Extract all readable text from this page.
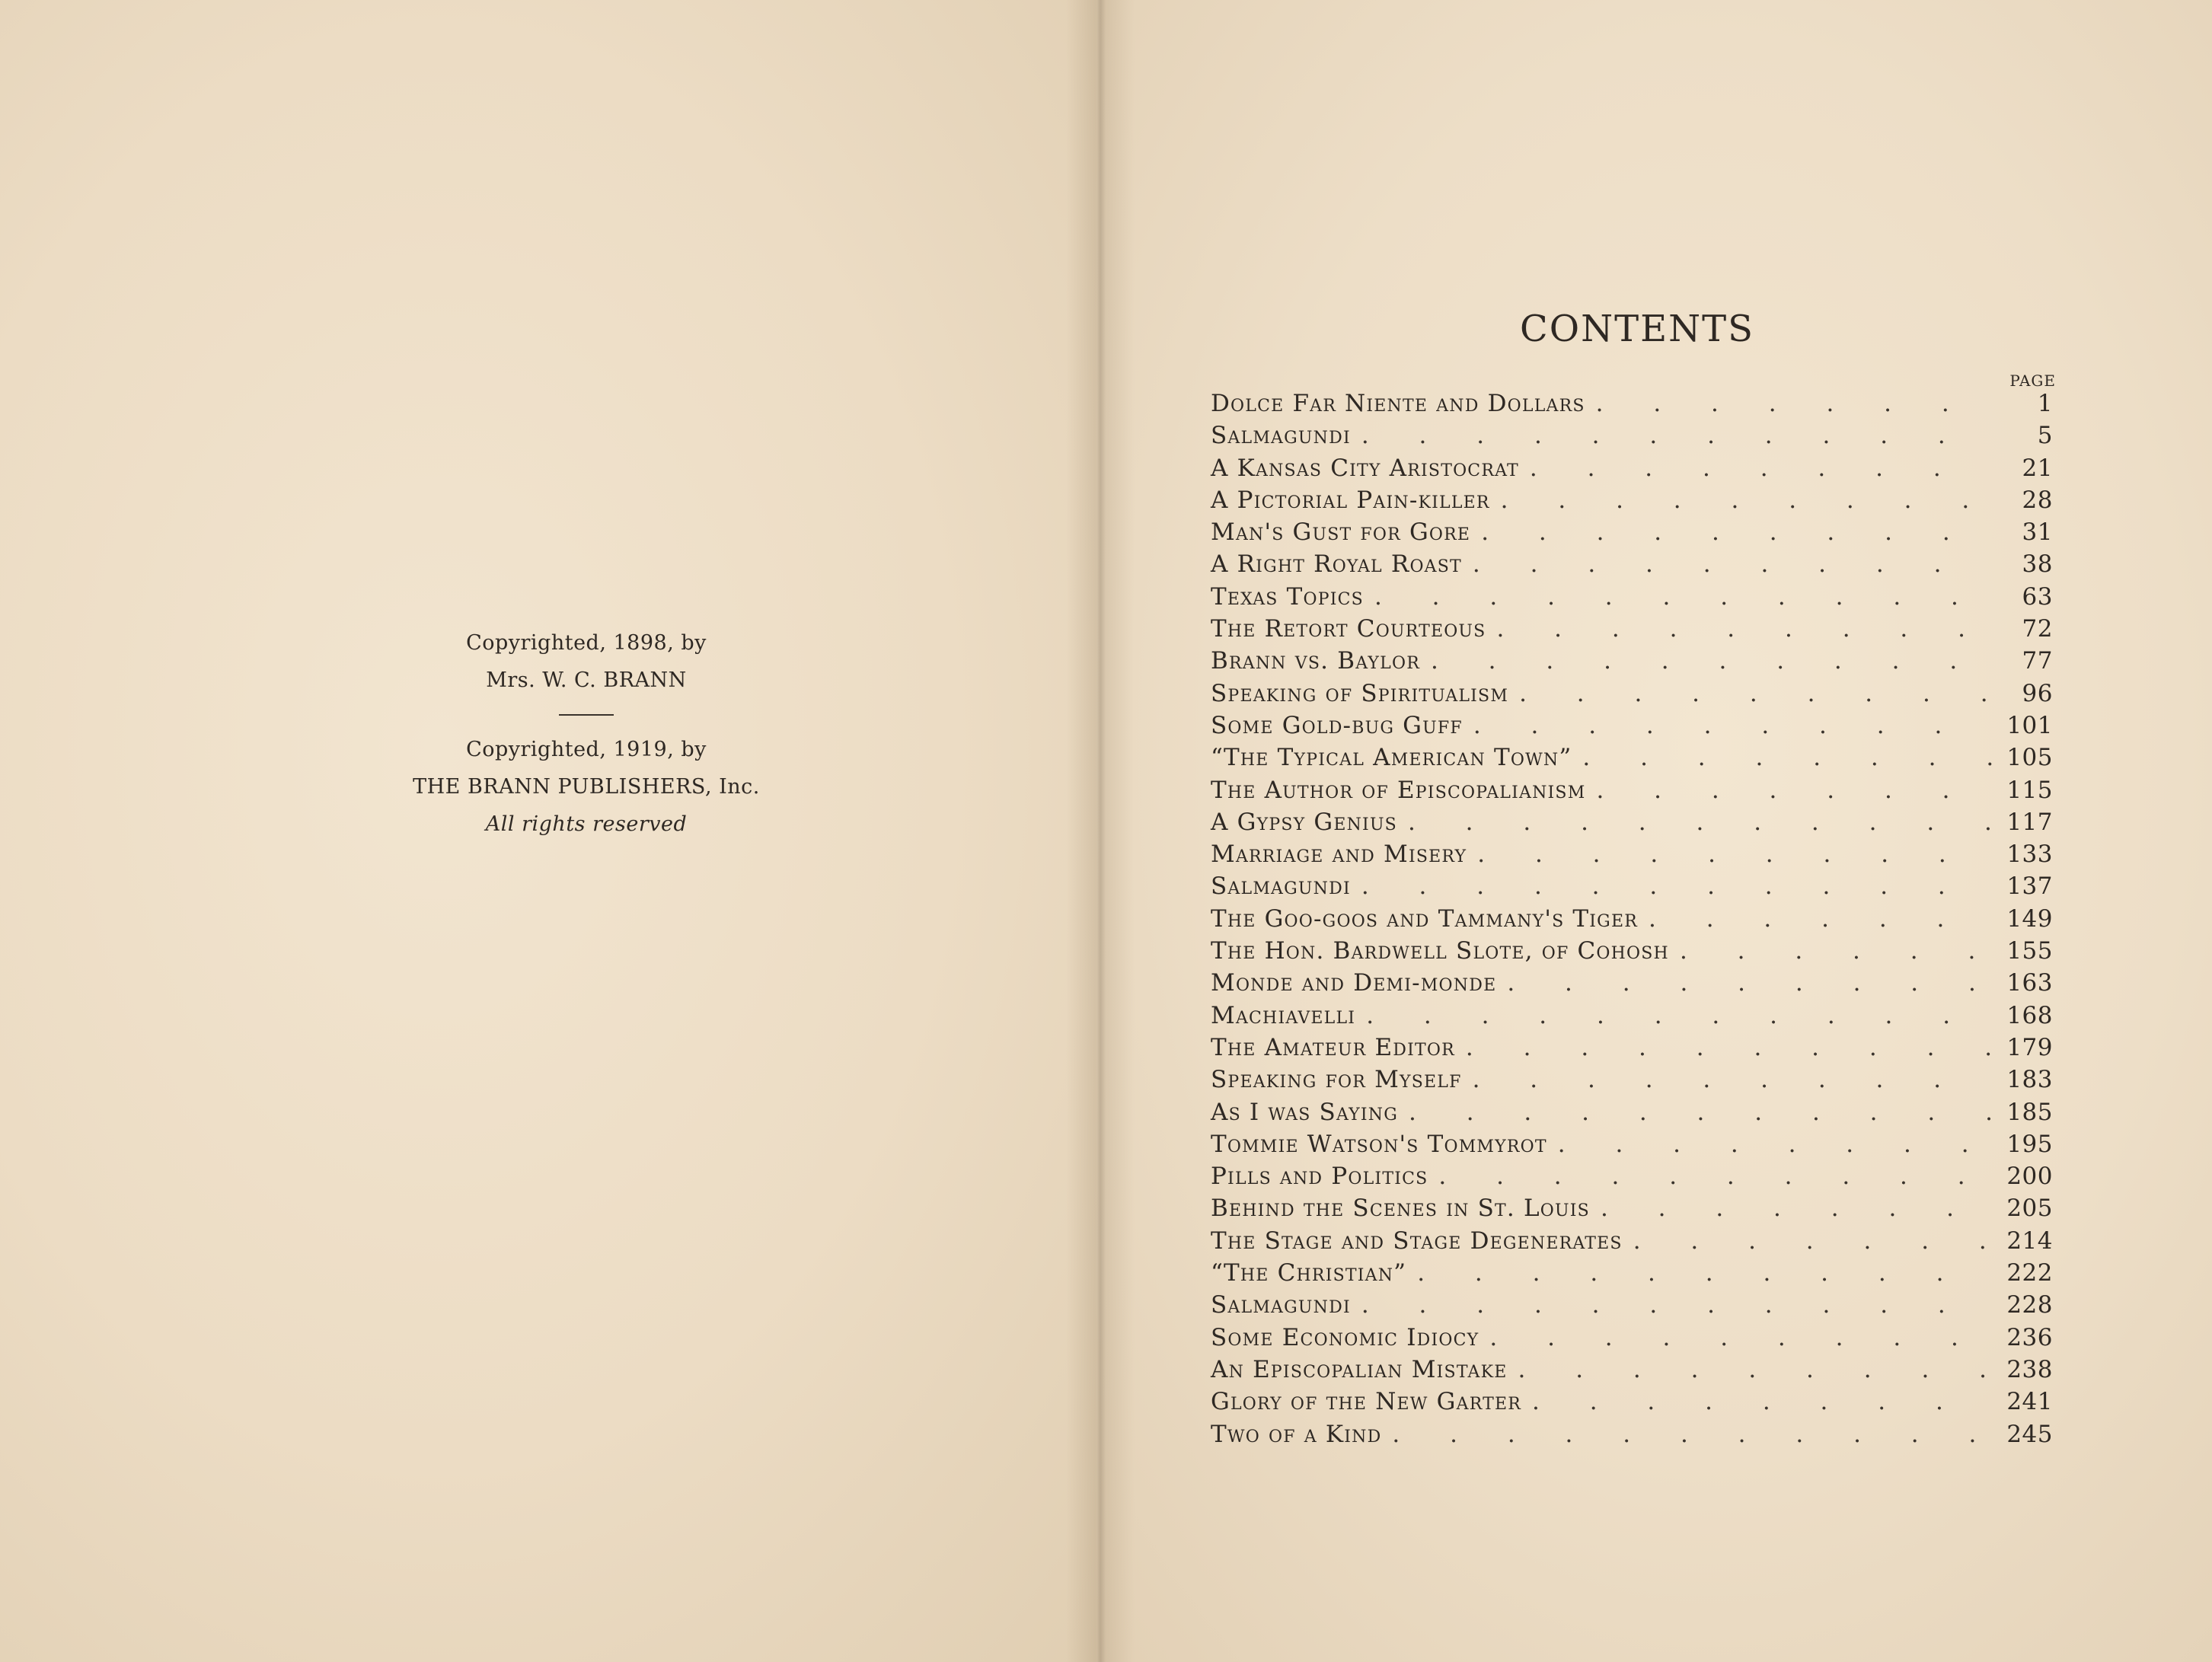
Copyrighted, 1898, by
Mrs. W. C. BRANN
Copyrighted, 1919, by
THE BRANN PUBLISHERS, Inc.
All rights reserved
CONTENTS
PAGE
Dolce Far Niente and Dollars . . .	1
Salmagundi . . .	5
A Kansas City Aristocrat . . .	21
A Pictorial Pain-killer . . .	28
Man's Gust for Gore . . .	31
A Right Royal Roast . . .	38
Texas Topics . . .	63
The Retort Courteous . . .	72
Brann vs. Baylor . . .	77
Speaking of Spiritualism . . .	96
Some Gold-bug Guff . . .	101
“The Typical American Town” . . .	105
The Author of Episcopalianism . . .	115
A Gypsy Genius . . .	117
Marriage and Misery . . .	133
Salmagundi . . .	137
The Goo-goos and Tammany's Tiger . . .	149
The Hon. Bardwell Slote, of Cohosh . . .	155
Monde and Demi-monde . . .	163
Machiavelli . . .	168
The Amateur Editor . . .	179
Speaking for Myself . . .	183
As I was Saying . . .	185
Tommie Watson's Tommyrot . . .	195
Pills and Politics . . .	200
Behind the Scenes in St. Louis . . .	205
The Stage and Stage Degenerates . . .	214
“The Christian” . . .	222
Salmagundi . . .	228
Some Economic Idiocy . . .	236
An Episcopalian Mistake . . .	238
Glory of the New Garter . . .	241
Two of a Kind . . .	245
